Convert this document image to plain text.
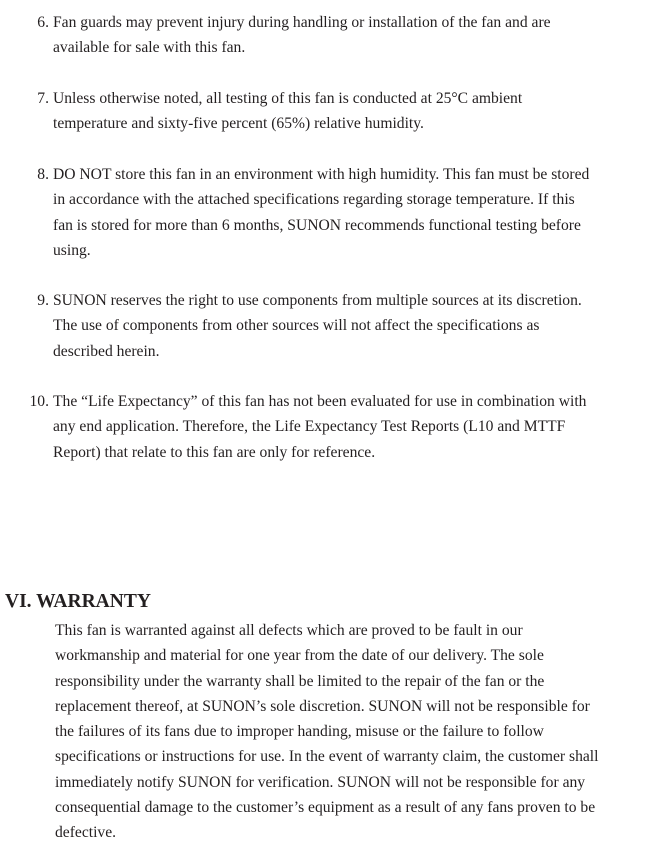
6. Fan guards may prevent injury during handling or installation of the fan and are
available for sale with this fan.
7. Unless otherwise noted, all testing of this fan is conducted at 25°C ambient
temperature and sixty-five percent (65%) relative humidity.
8. DO NOT store this fan in an environment with high humidity. This fan must be stored
in accordance with the attached specifications regarding storage temperature. If this
fan is stored for more than 6 months, SUNON recommends functional testing before
using.
9. SUNON reserves the right to use components from multiple sources at its discretion.
The use of components from other sources will not affect the specifications as
described herein.
10. The “Life Expectancy” of this fan has not been evaluated for use in combination with
any end application. Therefore, the Life Expectancy Test Reports (L10 and MTTF
Report) that relate to this fan are only for reference.
VI. WARRANTY
This fan is warranted against all defects which are proved to be fault in our
workmanship and material for one year from the date of our delivery. The sole
responsibility under the warranty shall be limited to the repair of the fan or the
replacement thereof, at SUNON’s sole discretion. SUNON will not be responsible for
the failures of its fans due to improper handing, misuse or the failure to follow
specifications or instructions for use. In the event of warranty claim, the customer shall
immediately notify SUNON for verification. SUNON will not be responsible for any
consequential damage to the customer’s equipment as a result of any fans proven to be
defective.
